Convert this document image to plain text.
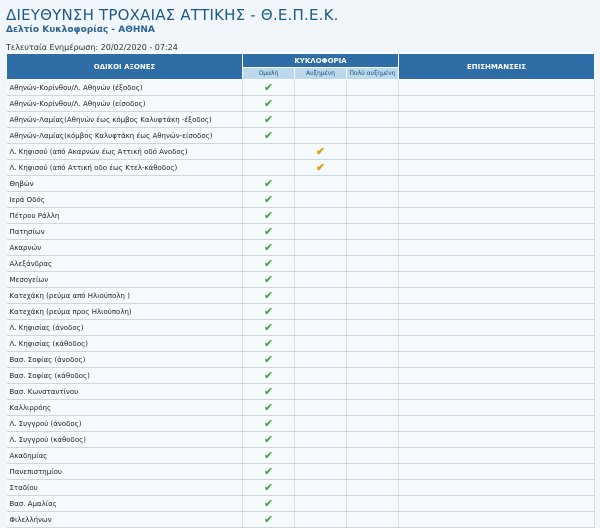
ΔΙΕΥΘΥΝΣΗ ΤΡΟΧΑΙΑΣ ΑΤΤΙΚΗΣ - Θ.Ε.Π.Ε.Κ.
Δελτίο Κυκλοφορίας - ΑΘΗΝΑ
Τελευταία Ενημέρωση: 20/02/2020 - 07:24
ΟΔΙΚΟΙ ΑΞΟΝΕΣ	ΚΥΚΛΟΦΟΡΙΑ			ΕΠΙΣΗΜΑΝΣΕΙΣ
	Ομαλή	Αυξημένη	Πολύ αυξημένη	
Αθηνών-Κορίνθου/Λ. Αθηνών (έξοδος)	✔			
Αθηνών-Κορίνθου/Λ. Αθηνών (είσοδος)	✔			
Αθηνών-Λαμίας(Αθηνών έως κόμβος Καλυφτάκη -έξοδος)	✔			
Αθηνών-Λαμίας(κόμβος Καλυφτάκη έως Αθηνών-είσοδος)	✔			
Λ. Κηφισού (από Ακαρνών έως Αττική οδό Ανοδος)		✔		
Λ. Κηφισού (από Αττική οδο έως Κτελ-κάθοδος)		✔		
Θηβών	✔			
Ιερά Οδός	✔			
Πέτρου Ράλλη	✔			
Πατησίων	✔			
Ακαρνών	✔			
Αλεξάνδρας	✔			
Μεσογείων	✔			
Κατεχάκη (ρεύμα από Ηλιούπολη )	✔			
Κατεχάκη (ρεύμα προς Ηλιούπολη)	✔			
Λ. Κηφισίας (άνοδος)	✔			
Λ. Κηφισίας (κάθοδος)	✔			
Βασ. Σοφίας (άνοδος)	✔			
Βασ. Σοφίας (κάθοδος)	✔			
Βασ. Κωνσταντίνου	✔			
Καλλιρρόης	✔			
Λ. Συγγρού (άνοδος)	✔			
Λ. Συγγρού (κάθοδος)	✔			
Ακαδημίας	✔			
Πανεπιστημίου	✔			
Σταδίου	✔			
Βασ. Αμαλίας	✔			
Φιλελλήνων	✔			
